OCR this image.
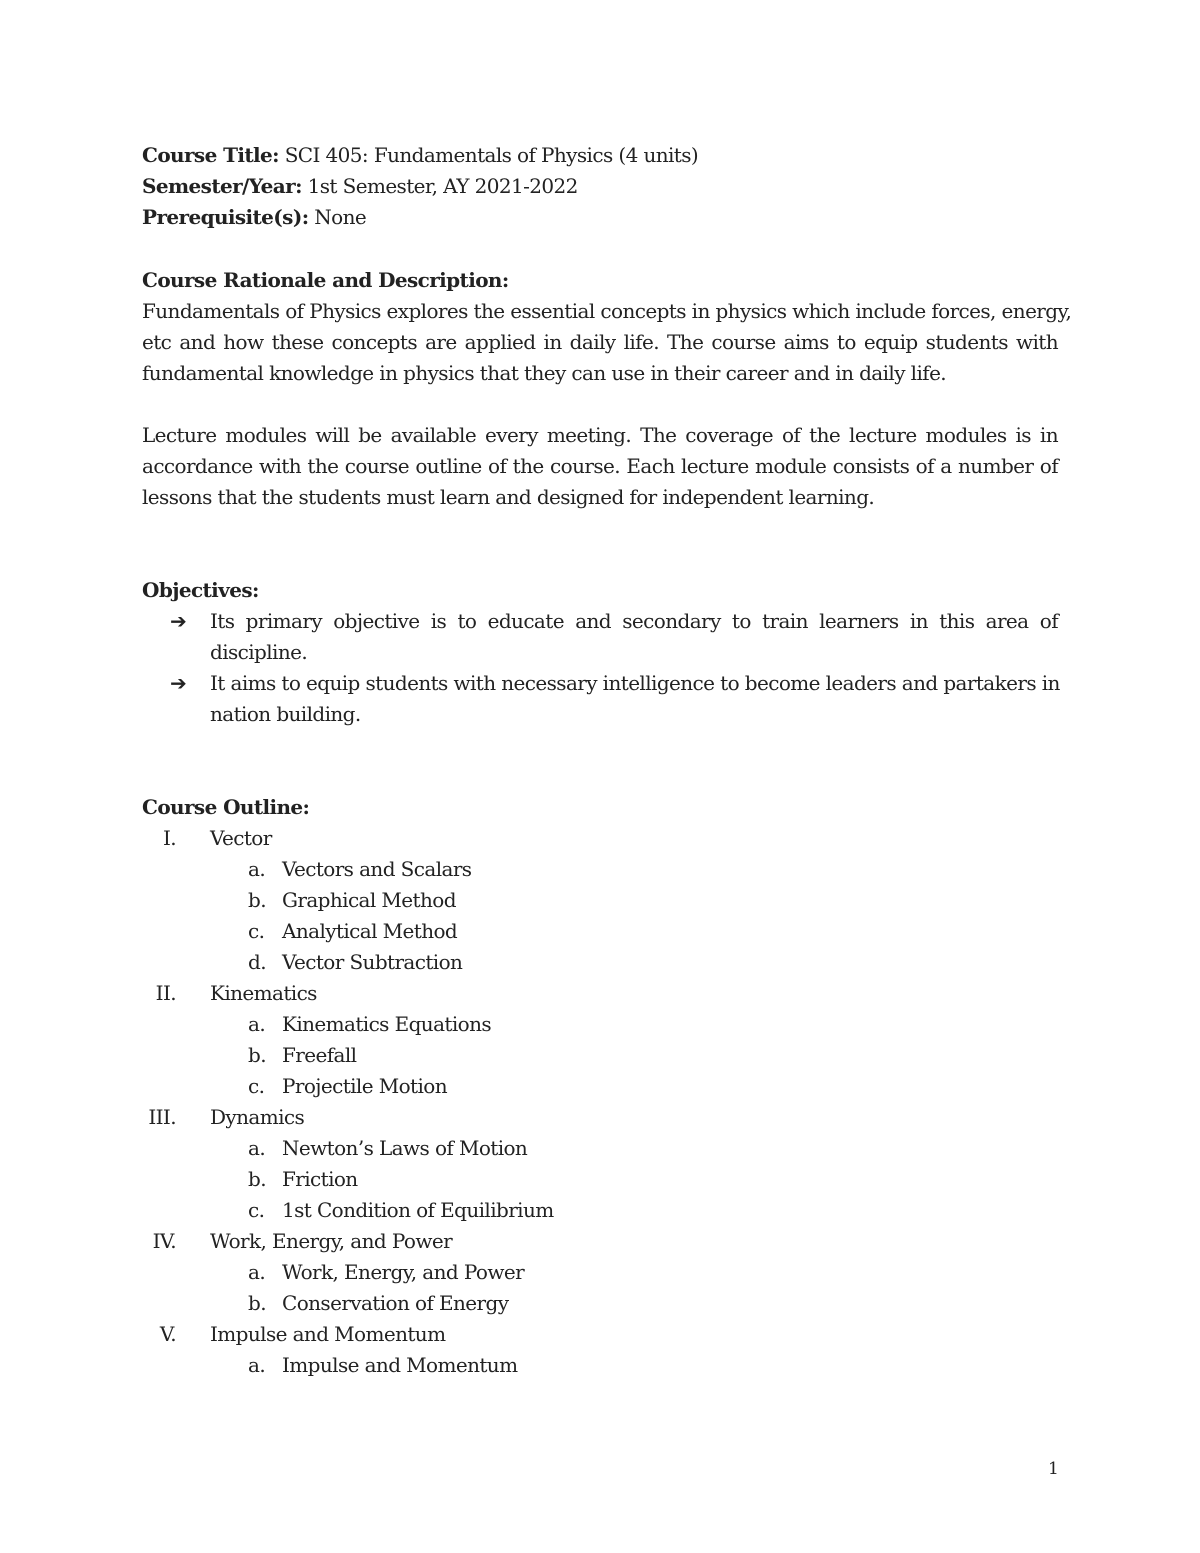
Course Title: SCI 405: Fundamentals of Physics (4 units)
Semester/Year: 1st Semester, AY 2021-2022
Prerequisite(s): None
Course Rationale and Description:
Fundamentals of Physics explores the essential concepts in physics which include forces, energy,
etc and how these concepts are applied in daily life. The course aims to equip students with
fundamental knowledge in physics that they can use in their career and in daily life.
Lecture modules will be available every meeting. The coverage of the lecture modules is in
accordance with the course outline of the course. Each lecture module consists of a number of
lessons that the students must learn and designed for independent learning.
Objectives:
➔ Its primary objective is to educate and secondary to train learners in this area of
discipline.
➔ It aims to equip students with necessary intelligence to become leaders and partakers in
nation building.
Course Outline:
I. Vector
a. Vectors and Scalars
b. Graphical Method
c. Analytical Method
d. Vector Subtraction
II. Kinematics
a. Kinematics Equations
b. Freefall
c. Projectile Motion
III. Dynamics
a. Newton’s Laws of Motion
b. Friction
c. 1st Condition of Equilibrium
IV. Work, Energy, and Power
a. Work, Energy, and Power
b. Conservation of Energy
V. Impulse and Momentum
a. Impulse and Momentum
1
